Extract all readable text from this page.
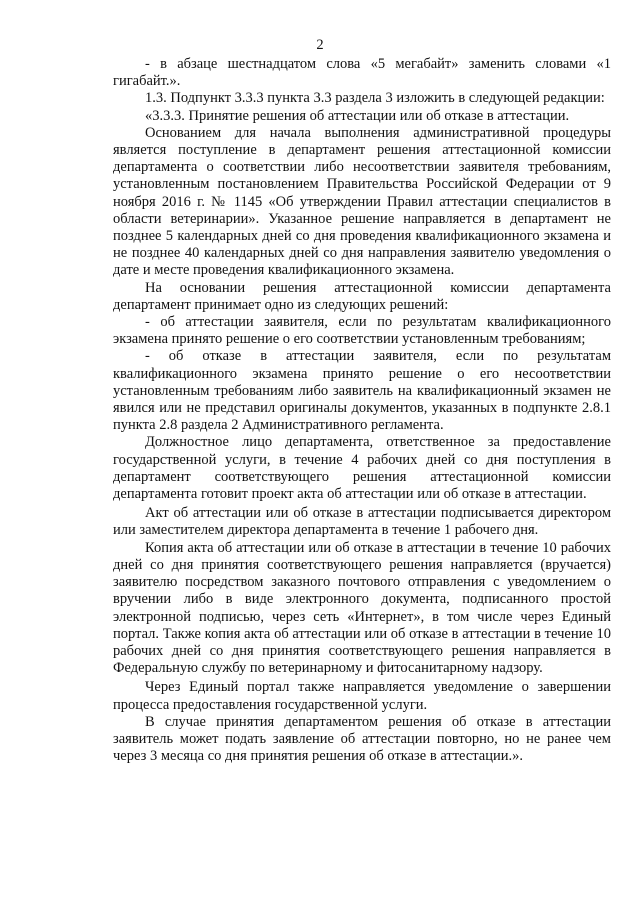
2

- в абзаце шестнадцатом слова «5 мегабайт» заменить словами «1 гигабайт.».

1.3. Подпункт 3.3.3 пункта 3.3 раздела 3 изложить в следующей редакции:

«3.3.3. Принятие решения об аттестации или об отказе в аттестации.

Основанием для начала выполнения административной процедуры является поступление в департамент решения аттестационной комиссии департамента о соответствии либо несоответствии заявителя требованиям, установленным постановлением Правительства Российской Федерации от 9 ноября 2016 г. № 1145 «Об утверждении Правил аттестации специалистов в области ветеринарии». Указанное решение направляется в департамент не позднее 5 календарных дней со дня проведения квалификационного экзамена и не позднее 40 календарных дней со дня направления заявителю уведомления о дате и месте проведения квалификационного экзамена.

На основании решения аттестационной комиссии департамента департамент принимает одно из следующих решений:

- об аттестации заявителя, если по результатам квалификационного экзамена принято решение о его соответствии установленным требованиям;

- об отказе в аттестации заявителя, если по результатам квалификационного экзамена принято решение о его несоответствии установленным требованиям либо заявитель на квалификационный экзамен не явился или не представил оригиналы документов, указанных в подпункте 2.8.1 пункта 2.8 раздела 2 Административного регламента.

Должностное лицо департамента, ответственное за предоставление государственной услуги, в течение 4 рабочих дней со дня поступления в департамент соответствующего решения аттестационной комиссии департамента готовит проект акта об аттестации или об отказе в аттестации.

Акт об аттестации или об отказе в аттестации подписывается директором или заместителем директора департамента в течение 1 рабочего дня.

Копия акта об аттестации или об отказе в аттестации в течение 10 рабочих дней со дня принятия соответствующего решения направляется (вручается) заявителю посредством заказного почтового отправления с уведомлением о вручении либо в виде электронного документа, подписанного простой электронной подписью, через сеть «Интернет», в том числе через Единый портал. Также копия акта об аттестации или об отказе в аттестации в течение 10 рабочих дней со дня принятия соответствующего решения направляется в Федеральную службу по ветеринарному и фитосанитарному надзору.

Через Единый портал также направляется уведомление о завершении процесса предоставления государственной услуги.

В случае принятия департаментом решения об отказе в аттестации заявитель может подать заявление об аттестации повторно, но не ранее чем через 3 месяца со дня принятия решения об отказе в аттестации.».
